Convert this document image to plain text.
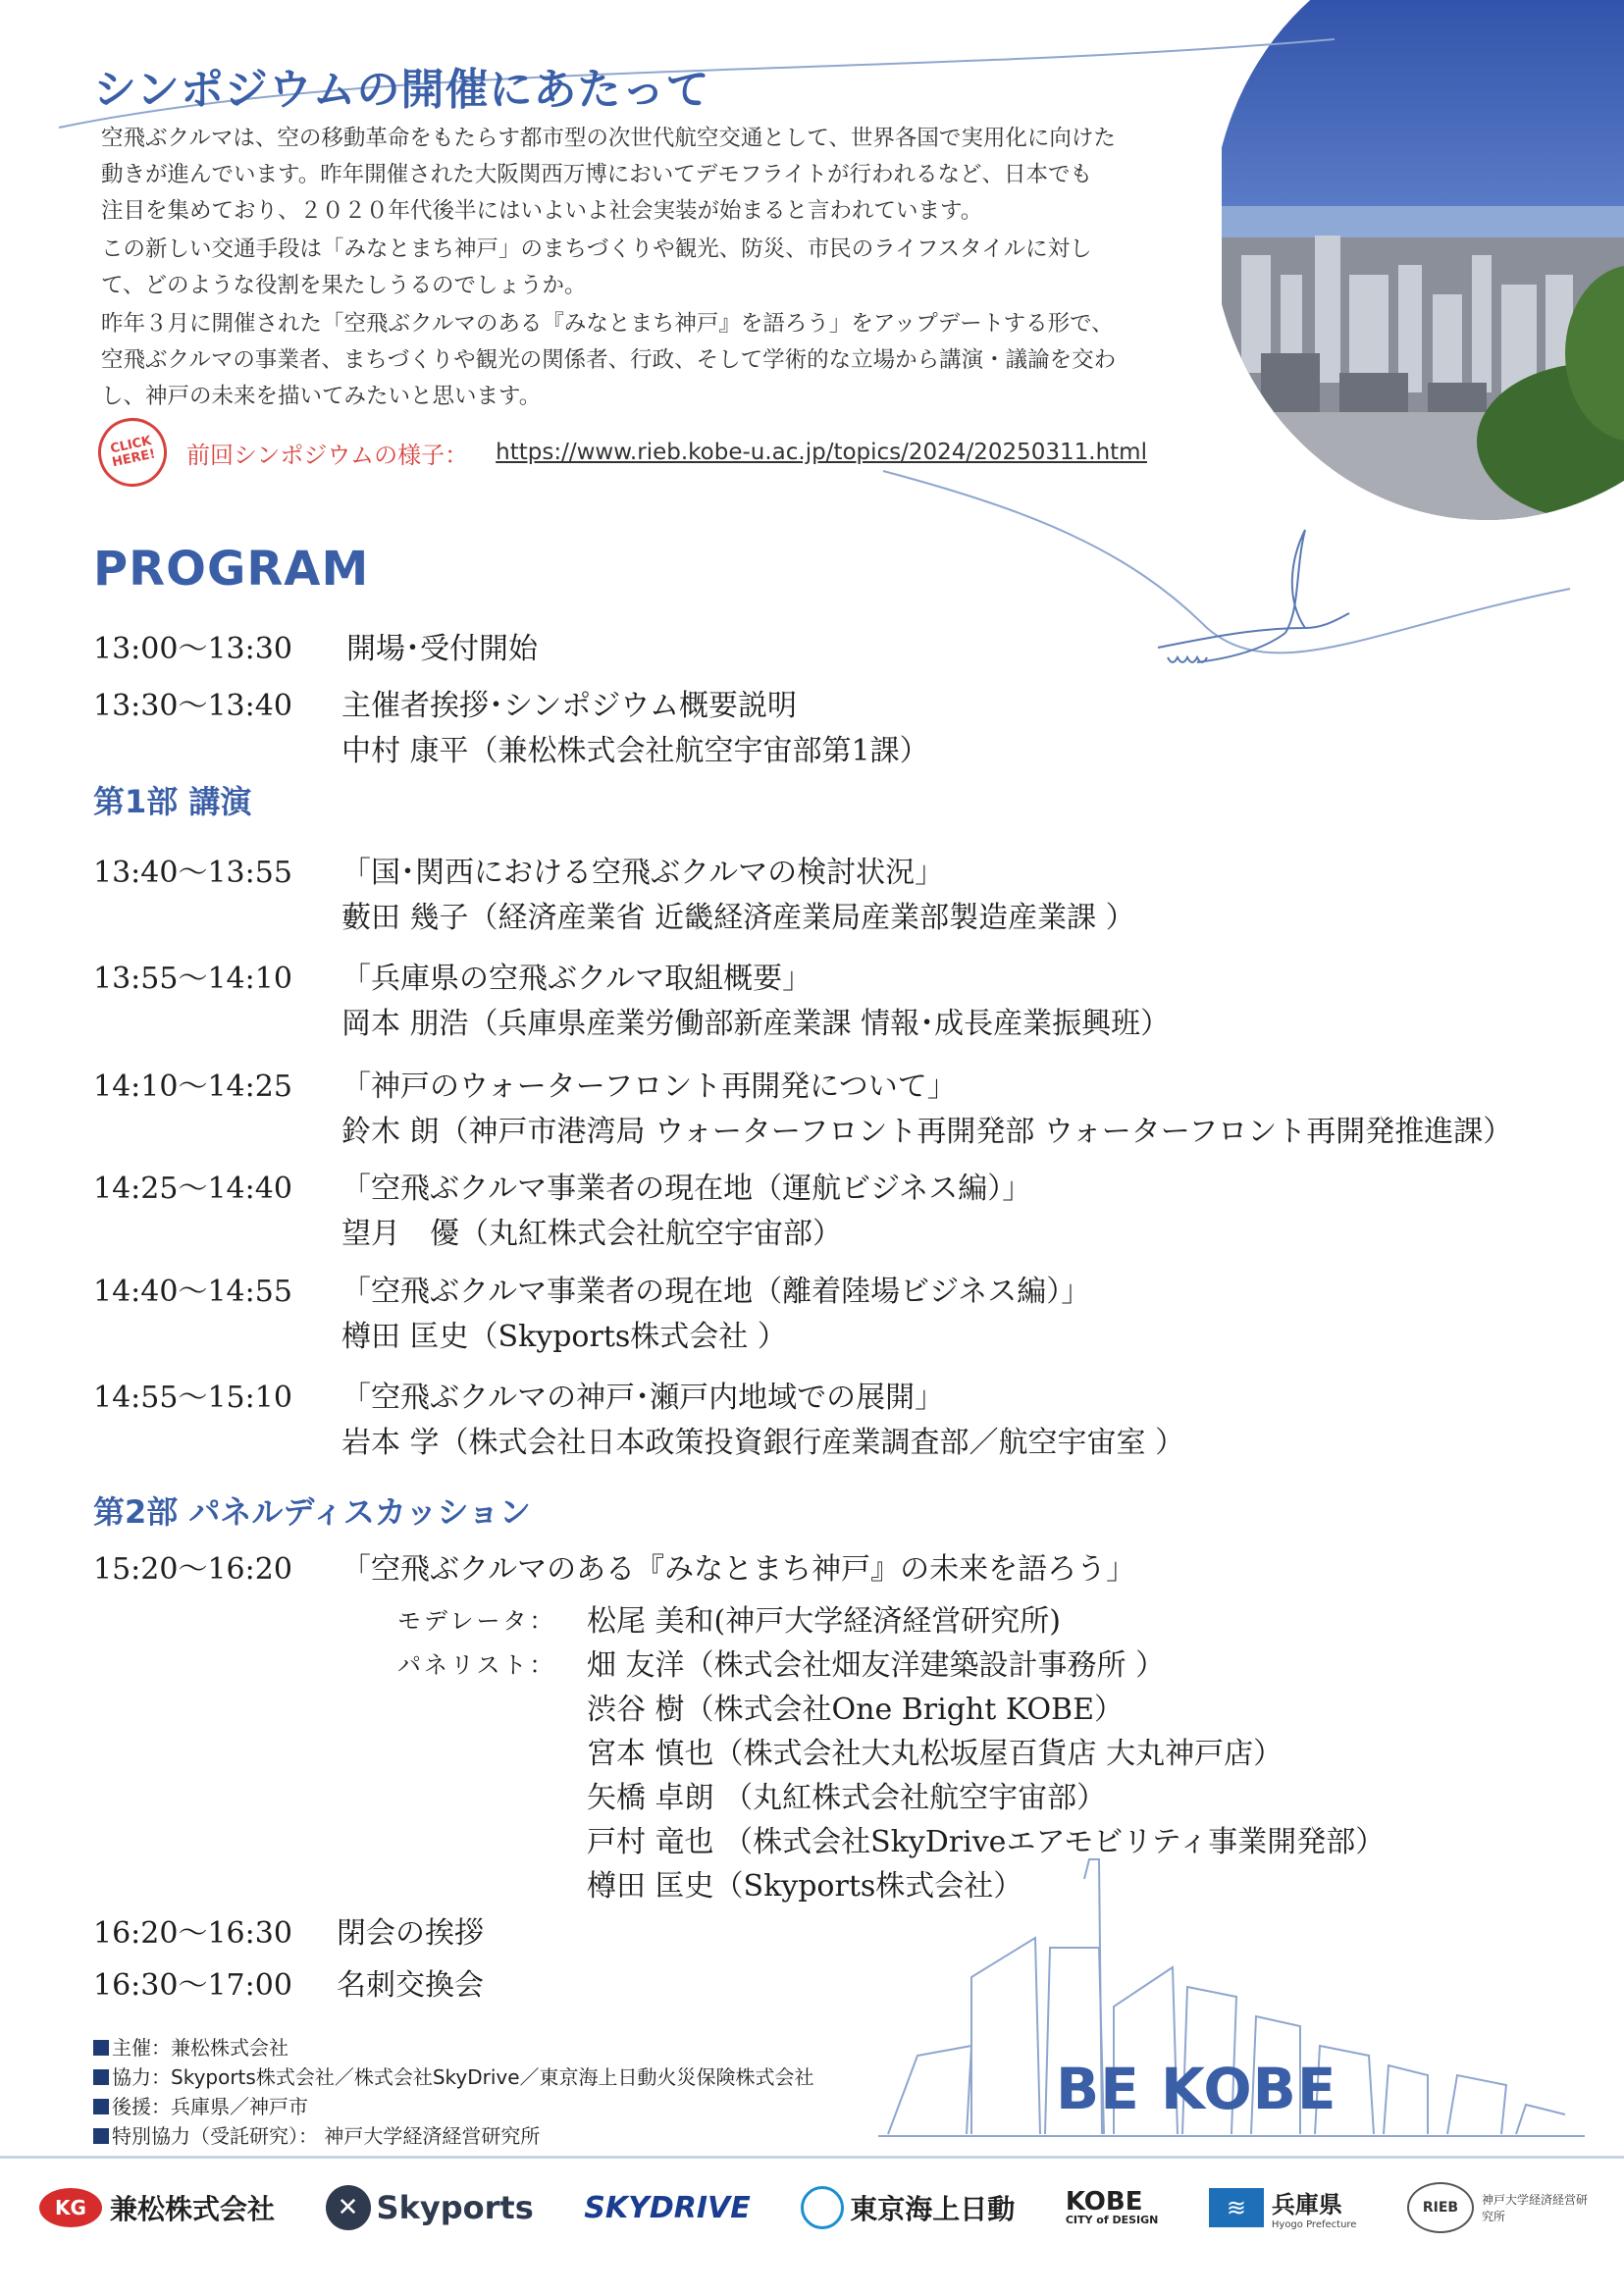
シンポジウムの開催にあたって
空飛ぶクルマは、空の移動革命をもたらす都市型の次世代航空交通として、世界各国で実用化に向けた
動きが進んでいます。昨年開催された大阪関西万博においてデモフライトが行われるなど、日本でも
注目を集めており、２０２０年代後半にはいよいよ社会実装が始まると言われています。
この新しい交通手段は「みなとまち神戸」のまちづくりや観光、防災、市民のライフスタイルに対し
て、どのような役割を果たしうるのでしょうか。
昨年３月に開催された「空飛ぶクルマのある『みなとまち神戸』を語ろう」をアップデートする形で、
空飛ぶクルマの事業者、まちづくりや観光の関係者、行政、そして学術的な立場から講演・議論を交わ
し、神戸の未来を描いてみたいと思います。
CLICK HERE!	前回シンポジウムの様子： https://www.rieb.kobe-u.ac.jp/topics/2024/20250311.html
PROGRAM
13:00〜13:30 開場･受付開始
13:30〜13:40 主催者挨拶･シンポジウム概要説明
中村 康平（兼松株式会社航空宇宙部第1課）
第1部 講演
13:40〜13:55 「国･関西における空飛ぶクルマの検討状況」
藪田 幾子（経済産業省 近畿経済産業局産業部製造産業課 ）
13:55〜14:10 「兵庫県の空飛ぶクルマ取組概要」
岡本 朋浩（兵庫県産業労働部新産業課 情報･成長産業振興班）
14:10〜14:25 「神戸のウォーターフロント再開発について」
鈴木 朗（神戸市港湾局 ウォーターフロント再開発部 ウォーターフロント再開発推進課）
14:25〜14:40 「空飛ぶクルマ事業者の現在地（運航ビジネス編）」
望月　優（丸紅株式会社航空宇宙部）
14:40〜14:55 「空飛ぶクルマ事業者の現在地（離着陸場ビジネス編）」
樽田 匡史（Skyports株式会社 ）
14:55〜15:10 「空飛ぶクルマの神戸･瀬戸内地域での展開」
岩本 学（株式会社日本政策投資銀行産業調査部／航空宇宙室 ）
第2部 パネルディスカッション
15:20〜16:20 「空飛ぶクルマのある『みなとまち神戸』の未来を語ろう」
モデレータ： 松尾 美和(神戸大学経済経営研究所)
パネリスト： 畑 友洋（株式会社畑友洋建築設計事務所 ）
渋谷 樹（株式会社One Bright KOBE）
宮本 慎也（株式会社大丸松坂屋百貨店 大丸神戸店）
矢橋 卓朗 （丸紅株式会社航空宇宙部）
戸村 竜也 （株式会社SkyDriveエアモビリティ事業開発部）
樽田 匡史（Skyports株式会社）
16:20〜16:30 閉会の挨拶
16:30〜17:00 名刺交換会
BE KOBE
主催：兼松株式会社
協力：Skyports株式会社／株式会社SkyDrive／東京海上日動火災保険株式会社
後援：兵庫県／神戸市
特別協力（受託研究）： 神戸大学経済経営研究所
KG 兼松株式会社	✕ Skyports SKYDRIVE	東京海上日動 KOBE
CITY of DESIGN	≋	兵庫県
Hyogo Prefecture
RIEB	神戸大学経済経営研究所
